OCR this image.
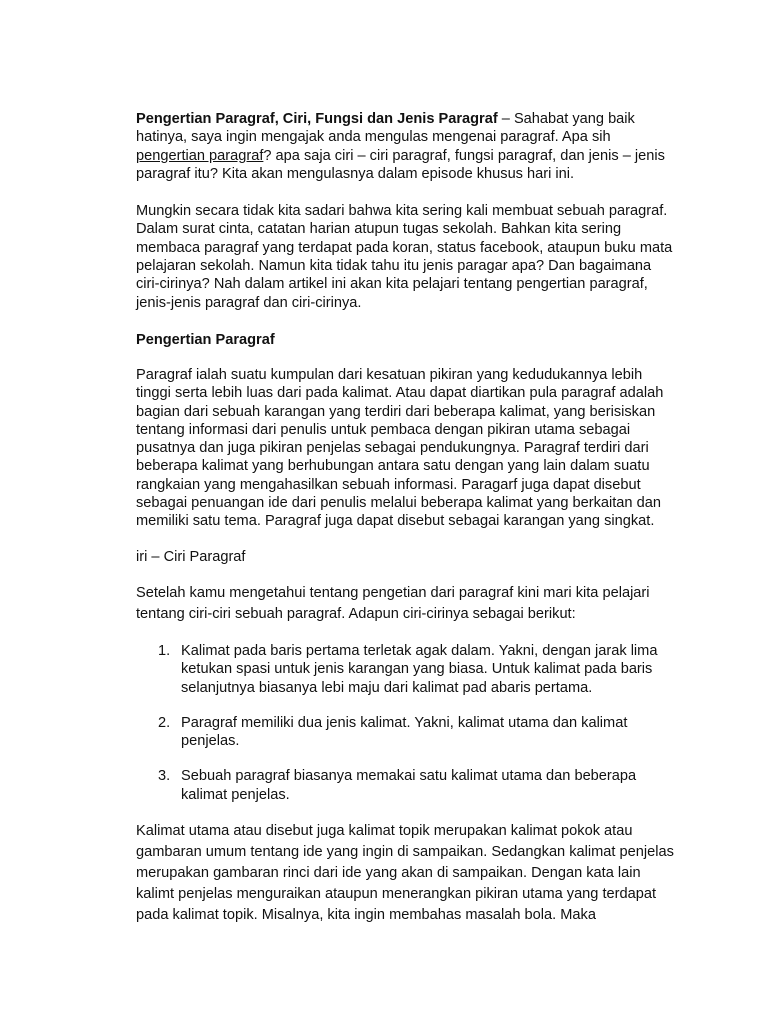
Pengertian Paragraf, Ciri, Fungsi dan Jenis Paragraf – Sahabat yang baik hatinya, saya ingin mengajak anda mengulas mengenai paragraf. Apa sih pengertian paragraf? apa saja ciri – ciri paragraf, fungsi paragraf, dan jenis – jenis paragraf itu? Kita akan mengulasnya dalam episode khusus hari ini.

Mungkin secara tidak kita sadari bahwa kita sering kali membuat sebuah paragraf. Dalam surat cinta, catatan harian atupun tugas sekolah. Bahkan kita sering membaca paragraf yang terdapat pada koran, status facebook, ataupun buku mata pelajaran sekolah. Namun kita tidak tahu itu jenis paragar apa? Dan bagaimana ciri-cirinya? Nah dalam artikel ini akan kita pelajari tentang pengertian paragraf, jenis-jenis paragraf dan ciri-cirinya.

Pengertian Paragraf

Paragraf ialah suatu kumpulan dari kesatuan pikiran yang kedudukannya lebih tinggi serta lebih luas dari pada kalimat. Atau dapat diartikan pula paragraf adalah bagian dari sebuah karangan yang terdiri dari beberapa kalimat, yang berisiskan tentang informasi dari penulis untuk pembaca dengan pikiran utama sebagai pusatnya dan juga pikiran penjelas sebagai pendukungnya. Paragraf terdiri dari beberapa kalimat yang berhubungan antara satu dengan yang lain dalam suatu rangkaian yang mengahasilkan sebuah informasi. Paragarf juga dapat disebut sebagai penuangan ide dari penulis melalui beberapa kalimat yang berkaitan dan memiliki satu tema. Paragraf juga dapat disebut sebagai karangan yang singkat.

iri – Ciri Paragraf

Setelah kamu mengetahui tentang pengetian dari paragraf kini mari kita pelajari tentang ciri-ciri sebuah paragraf. Adapun ciri-cirinya sebagai berikut:

1. Kalimat pada baris pertama terletak agak dalam. Yakni, dengan jarak lima ketukan spasi untuk jenis karangan yang biasa. Untuk kalimat pada baris selanjutnya biasanya lebi maju dari kalimat pad abaris pertama.
2. Paragraf memiliki dua jenis kalimat. Yakni, kalimat utama dan kalimat penjelas.
3. Sebuah paragraf biasanya memakai satu kalimat utama dan beberapa kalimat penjelas.

Kalimat utama atau disebut juga kalimat topik merupakan kalimat pokok atau gambaran umum tentang ide yang ingin di sampaikan. Sedangkan kalimat penjelas merupakan gambaran rinci dari ide yang akan di sampaikan. Dengan kata lain kalimt penjelas menguraikan ataupun menerangkan pikiran utama yang terdapat pada kalimat topik. Misalnya, kita ingin membahas masalah bola. Maka
